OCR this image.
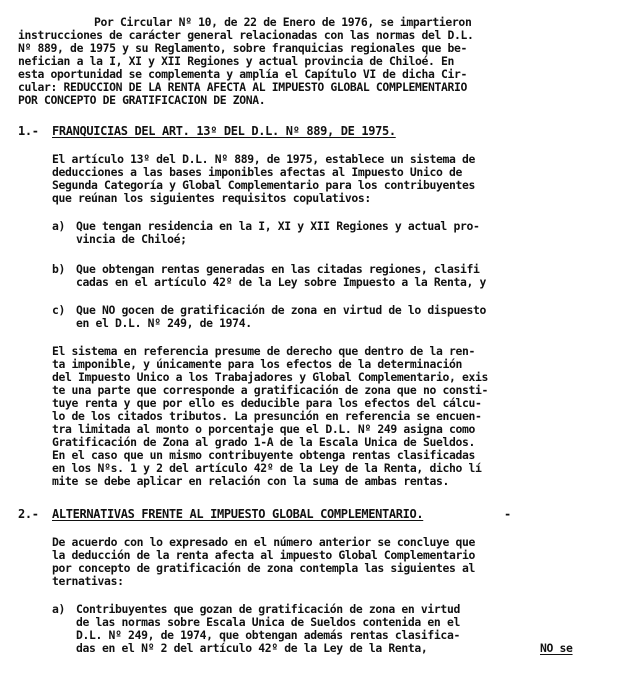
Por Circular Nº 10, de 22 de Enero de 1976, se impartieron
instrucciones de carácter general relacionadas con las normas del D.L.
Nº 889, de 1975 y su Reglamento, sobre franquicias regionales que be-
nefician a la I, XI y XII Regiones y actual provincia de Chiloé. En
esta oportunidad se complementa y amplía el Capítulo VI de dicha Cir-
cular: REDUCCION DE LA RENTA AFECTA AL IMPUESTO GLOBAL COMPLEMENTARIO
POR CONCEPTO DE GRATIFICACION DE ZONA.
1.- FRANQUICIAS DEL ART. 13º DEL D.L. Nº 889, DE 1975.
El artículo 13º del D.L. Nº 889, de 1975, establece un sistema de
deducciones a las bases imponibles afectas al Impuesto Unico de
Segunda Categoría y Global Complementario para los contribuyentes
que reúnan los siguientes requisitos copulativos:
a) Que tengan residencia en la I, XI y XII Regiones y actual pro-
vincia de Chiloé;
b) Que obtengan rentas generadas en las citadas regiones, clasifi
cadas en el artículo 42º de la Ley sobre Impuesto a la Renta, y
c) Que NO gocen de gratificación de zona en virtud de lo dispuesto
en el D.L. Nº 249, de 1974.
El sistema en referencia presume de derecho que dentro de la ren-
ta imponible, y únicamente para los efectos de la determinación
del Impuesto Unico a los Trabajadores y Global Complementario, exis
te una parte que corresponde a gratificación de zona que no consti-
tuye renta y que por ello es deducible para los efectos del cálcu-
lo de los citados tributos. La presunción en referencia se encuen-
tra limitada al monto o porcentaje que el D.L. Nº 249 asigna como
Gratificación de Zona al grado 1-A de la Escala Unica de Sueldos.
En el caso que un mismo contribuyente obtenga rentas clasificadas
en los Nºs. 1 y 2 del artículo 42º de la Ley de la Renta, dicho lí
mite se debe aplicar en relación con la suma de ambas rentas.
2.- ALTERNATIVAS FRENTE AL IMPUESTO GLOBAL COMPLEMENTARIO.	-
De acuerdo con lo expresado en el número anterior se concluye que
la deducción de la renta afecta al impuesto Global Complementario
por concepto de gratificación de zona contempla las siguientes al
ternativas:
a) Contribuyentes que gozan de gratificación de zona en virtud
de las normas sobre Escala Unica de Sueldos contenida en el
D.L. Nº 249, de 1974, que obtengan además rentas clasifica-
das en el Nº 2 del artículo 42º de la Ley de la Renta,	NO se
